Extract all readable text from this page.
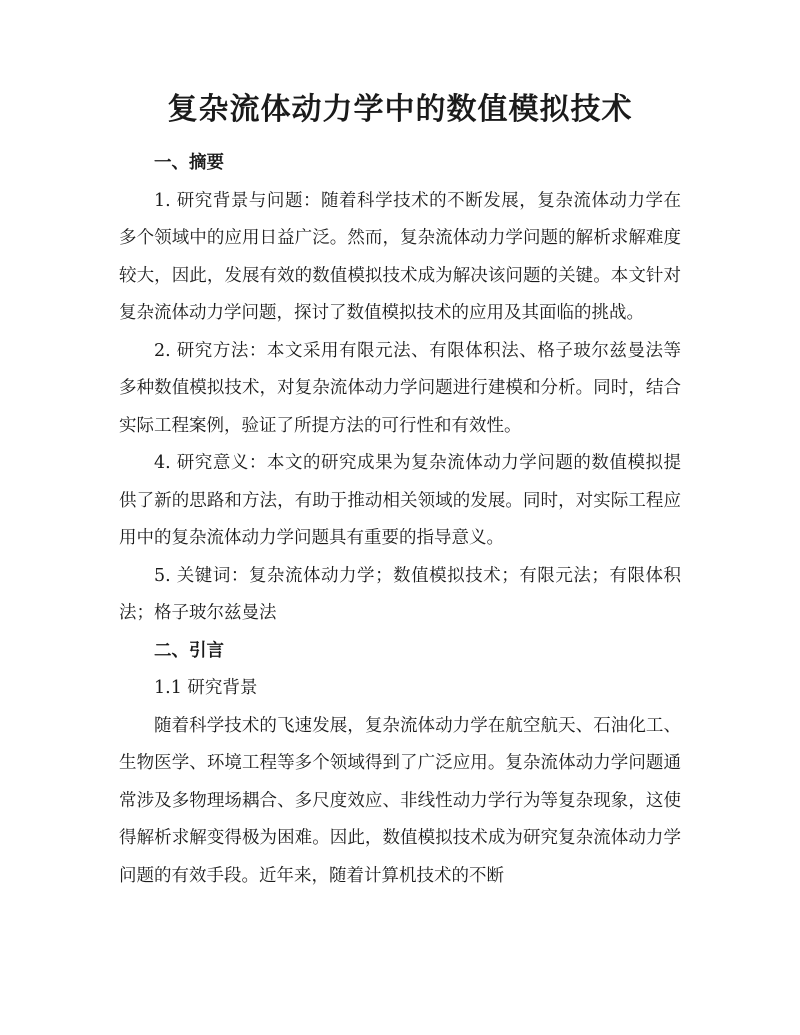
复杂流体动力学中的数值模拟技术

一、摘要

1. 研究背景与问题：随着科学技术的不断发展，复杂流体动力学在多个领域中的应用日益广泛。然而，复杂流体动力学问题的解析求解难度较大，因此，发展有效的数值模拟技术成为解决该问题的关键。本文针对复杂流体动力学问题，探讨了数值模拟技术的应用及其面临的挑战。

2. 研究方法：本文采用有限元法、有限体积法、格子玻尔兹曼法等多种数值模拟技术，对复杂流体动力学问题进行建模和分析。同时，结合实际工程案例，验证了所提方法的可行性和有效性。

4. 研究意义：本文的研究成果为复杂流体动力学问题的数值模拟提供了新的思路和方法，有助于推动相关领域的发展。同时，对实际工程应用中的复杂流体动力学问题具有重要的指导意义。

5. 关键词：复杂流体动力学；数值模拟技术；有限元法；有限体积法；格子玻尔兹曼法

二、引言

1.1 研究背景

随着科学技术的飞速发展，复杂流体动力学在航空航天、石油化工、生物医学、环境工程等多个领域得到了广泛应用。复杂流体动力学问题通常涉及多物理场耦合、多尺度效应、非线性动力学行为等复杂现象，这使得解析求解变得极为困难。因此，数值模拟技术成为研究复杂流体动力学问题的有效手段。近年来，随着计算机技术的不断
